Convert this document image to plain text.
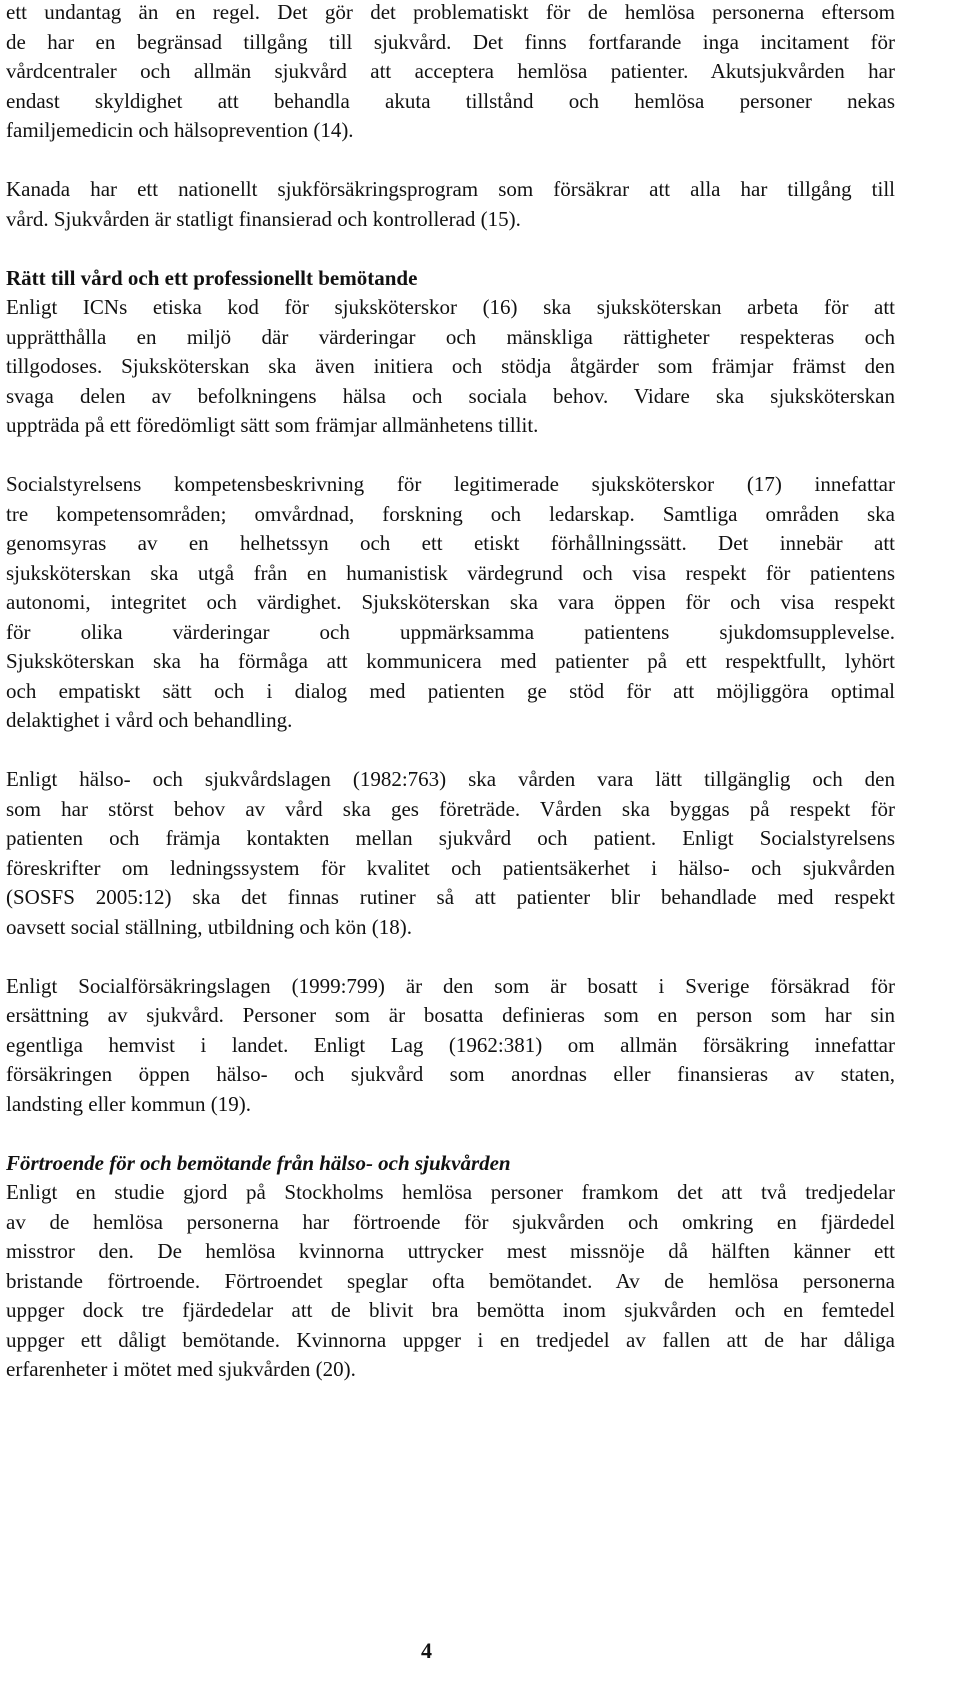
ett undantag än en regel. Det gör det problematiskt för de hemlösa personerna eftersom
de har en begränsad tillgång till sjukvård. Det finns fortfarande inga incitament för
vårdcentraler och allmän sjukvård att acceptera hemlösa patienter. Akutsjukvården har
endast skyldighet att behandla akuta tillstånd och hemlösa personer nekas
familjemedicin och hälsoprevention (14).
Kanada har ett nationellt sjukförsäkringsprogram som försäkrar att alla har tillgång till
vård. Sjukvården är statligt finansierad och kontrollerad (15).
Rätt till vård och ett professionellt bemötande
Enligt ICNs etiska kod för sjuksköterskor (16) ska sjuksköterskan arbeta för att
upprätthålla en miljö där värderingar och mänskliga rättigheter respekteras och
tillgodoses. Sjuksköterskan ska även initiera och stödja åtgärder som främjar främst den
svaga delen av befolkningens hälsa och sociala behov. Vidare ska sjuksköterskan
uppträda på ett föredömligt sätt som främjar allmänhetens tillit.
Socialstyrelsens kompetensbeskrivning för legitimerade sjuksköterskor (17) innefattar
tre kompetensområden; omvårdnad, forskning och ledarskap. Samtliga områden ska
genomsyras av en helhetssyn och ett etiskt förhållningssätt. Det innebär att
sjuksköterskan ska utgå från en humanistisk värdegrund och visa respekt för patientens
autonomi, integritet och värdighet. Sjuksköterskan ska vara öppen för och visa respekt
för olika värderingar och uppmärksamma patientens sjukdomsupplevelse.
Sjuksköterskan ska ha förmåga att kommunicera med patienter på ett respektfullt, lyhört
och empatiskt sätt och i dialog med patienten ge stöd för att möjliggöra optimal
delaktighet i vård och behandling.
Enligt hälso- och sjukvårdslagen (1982:763) ska vården vara lätt tillgänglig och den
som har störst behov av vård ska ges företräde. Vården ska byggas på respekt för
patienten och främja kontakten mellan sjukvård och patient. Enligt Socialstyrelsens
föreskrifter om ledningssystem för kvalitet och patientsäkerhet i hälso- och sjukvården
(SOSFS 2005:12) ska det finnas rutiner så att patienter blir behandlade med respekt
oavsett social ställning, utbildning och kön (18).
Enligt Socialförsäkringslagen (1999:799) är den som är bosatt i Sverige försäkrad för
ersättning av sjukvård. Personer som är bosatta definieras som en person som har sin
egentliga hemvist i landet. Enligt Lag (1962:381) om allmän försäkring innefattar
försäkringen öppen hälso- och sjukvård som anordnas eller finansieras av staten,
landsting eller kommun (19).
Förtroende för och bemötande från hälso- och sjukvården
Enligt en studie gjord på Stockholms hemlösa personer framkom det att två tredjedelar
av de hemlösa personerna har förtroende för sjukvården och omkring en fjärdedel
misstror den. De hemlösa kvinnorna uttrycker mest missnöje då hälften känner ett
bristande förtroende. Förtroendet speglar ofta bemötandet. Av de hemlösa personerna
uppger dock tre fjärdedelar att de blivit bra bemötta inom sjukvården och en femtedel
uppger ett dåligt bemötande. Kvinnorna uppger i en tredjedel av fallen att de har dåliga
erfarenheter i mötet med sjukvården (20).
4
